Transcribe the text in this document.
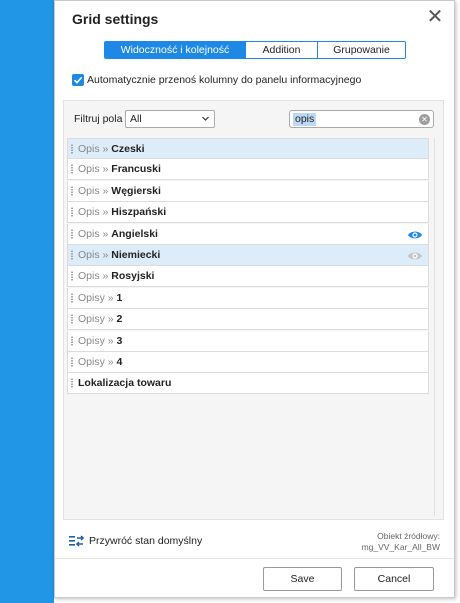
Grid settings	✕
Widoczność i kolejność	Addition	Grupowanie
Automatycznie przenoś kolumny do panelu informacyjnego
Filtruj pola All	opis	✕
Opis » Czeski
Opis » Francuski
Opis » Węgierski
Opis » Hiszpański
Opis » Angielski
Opis » Niemiecki
Opis » Rosyjski
Opisy » 1
Opisy » 2
Opisy » 3
Opisy » 4
Lokalizacja towaru
Przywróć stan domyślny	Obiekt źródłowy:
mg_VV_Kar_All_BW
Save	Cancel
